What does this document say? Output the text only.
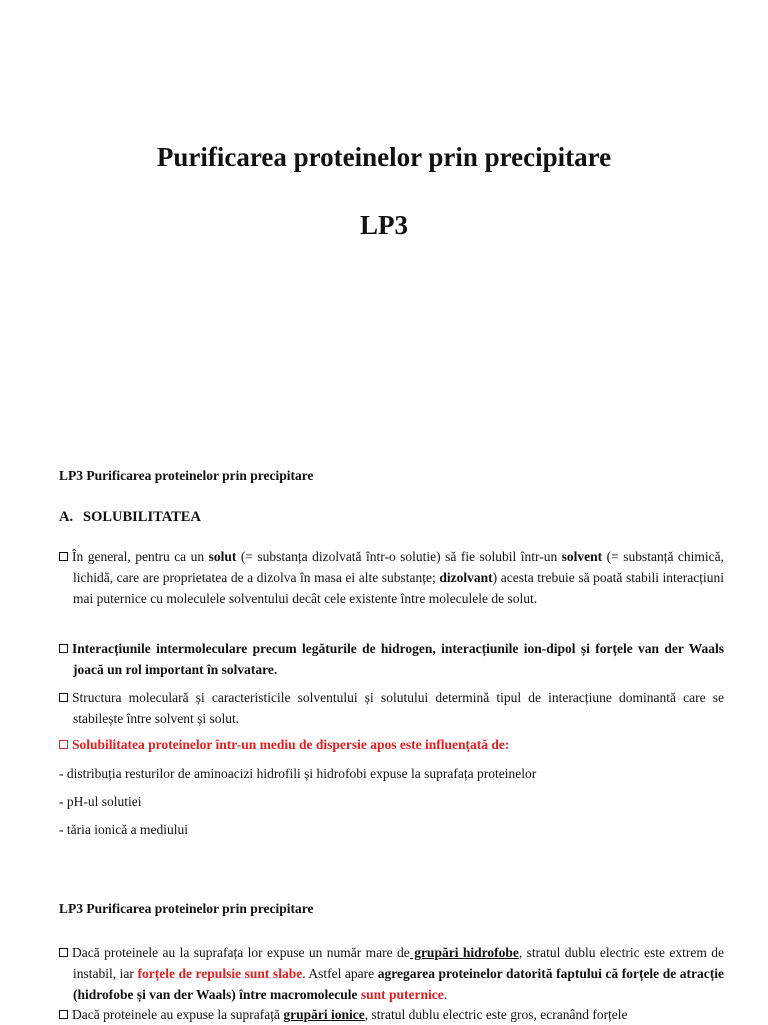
Purificarea proteinelor prin precipitare
LP3

LP3 Purificarea proteinelor prin precipitare

A. SOLUBILITATEA

În general, pentru ca un solut (= substanța dizolvată într-o solutie) să fie solubil într-un solvent (= substanță chimică, lichidă, care are proprietatea de a dizolva în masa ei alte substanțe; dizolvant) acesta trebuie să poată stabili interacțiuni mai puternice cu moleculele solventului decât cele existente între moleculele de solut.

Interacțiunile intermoleculare precum legăturile de hidrogen, interacțiunile ion-dipol și forțele van der Waals joacă un rol important în solvatare.

Structura moleculară și caracteristicile solventului și solutului determină tipul de interacțiune dominantă care se stabilește între solvent și solut.

Solubilitatea proteinelor într-un mediu de dispersie apos este influențată de:

- distribuția resturilor de aminoacizi hidrofili și hidrofobi expuse la suprafața proteinelor

- pH-ul solutiei

- tăria ionică a mediului

LP3 Purificarea proteinelor prin precipitare

Dacă proteinele au la suprafața lor expuse un număr mare de grupări hidrofobe, stratul dublu electric este extrem de instabil, iar forțele de repulsie sunt slabe. Astfel apare agregarea proteinelor datorită faptului că forțele de atracție (hidrofobe și van der Waals) între macromolecule sunt puternice.

Dacă proteinele au expuse la suprafață grupări ionice, stratul dublu electric este gros, ecranând forțele
